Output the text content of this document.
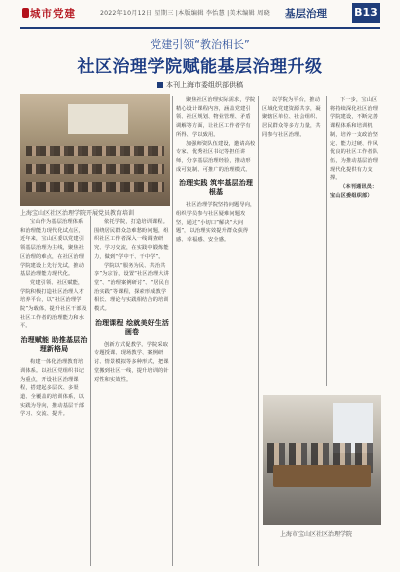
城市党建	2022年10月12日 星期三 |本版编辑 李怡慧 |美术编辑 周晓 基层治理 B13
党建引领“教治相长”
社区治理学院赋能基层治理升级
本刊上海市委组织部供稿
上海宝山区社区治理学院开展党员教育培训

宝山作为基层治理体系和治理能力现代化试点区，近年来，宝山区委以党建引领基层治理为主线，聚焦社区治理的难点，在社区治理学院建设上先行先试，推动基层治理能力现代化。

党建引领、社区赋能，学院积极打造社区治理人才培养平台，以“社区治理学院”为载体，提升社区干部及社区工作者的治理能力和水平。

治理赋能 助推基层治理新格局

构建一体化治理教育培训体系。以社区党组织书记为重点，开设社区治理课程，搭建起多层次、多渠道、全覆盖的培训体系，以实践为导向，推动基层干部学习、交流、提升。

依托学院，打造培训课程。围绕居民群众急难愁盼问题，组织社区工作者深入一线调查研究、学习交流，在实践中锻炼能力，做到“学中干、干中学”。

学院以“服务为民、共治共享”为宗旨，设置“社区治理大讲堂”、“治理案例研讨”、“居民自治实践”等课程，探索形成教学相长、理论与实践相结合的培训模式。

治理课程 绘就美好生活画卷

创新方式促教学。学院采取专题授课、现场教学、案例研讨、情景模拟等多种形式，把课堂搬到社区一线，提升培训的针对性和实效性。

聚焦社区治理实际需求，学院精心设计课程内容，涵盖党建引领、社区规划、物业管理、矛盾调解等方面，让社区工作者学有所得、学以致用。

加强师资队伍建设，邀请高校专家、优秀社区书记等担任讲师，分享基层治理经验，推动形成可复制、可推广的治理模式。

治理实践 筑牢基层治理根基

社区治理学院坚持问题导向，组织学员参与社区疑难问题攻坚，通过“小切口”解决“大问题”，以治理实效提升群众获得感、幸福感、安全感。

以学院为平台，推动区域化党建资源共享，凝聚辖区单位、社会组织、居民群众等多方力量，共同参与社区治理。

下一步，宝山区将持续深化社区治理学院建设，不断完善课程体系和培训机制，培养一支政治坚定、能力过硬、作风优良的社区工作者队伍，为推动基层治理现代化提供有力支撑。

（本刊通讯员：宝山区委组织部）

上海市宝山区社区治理学院
